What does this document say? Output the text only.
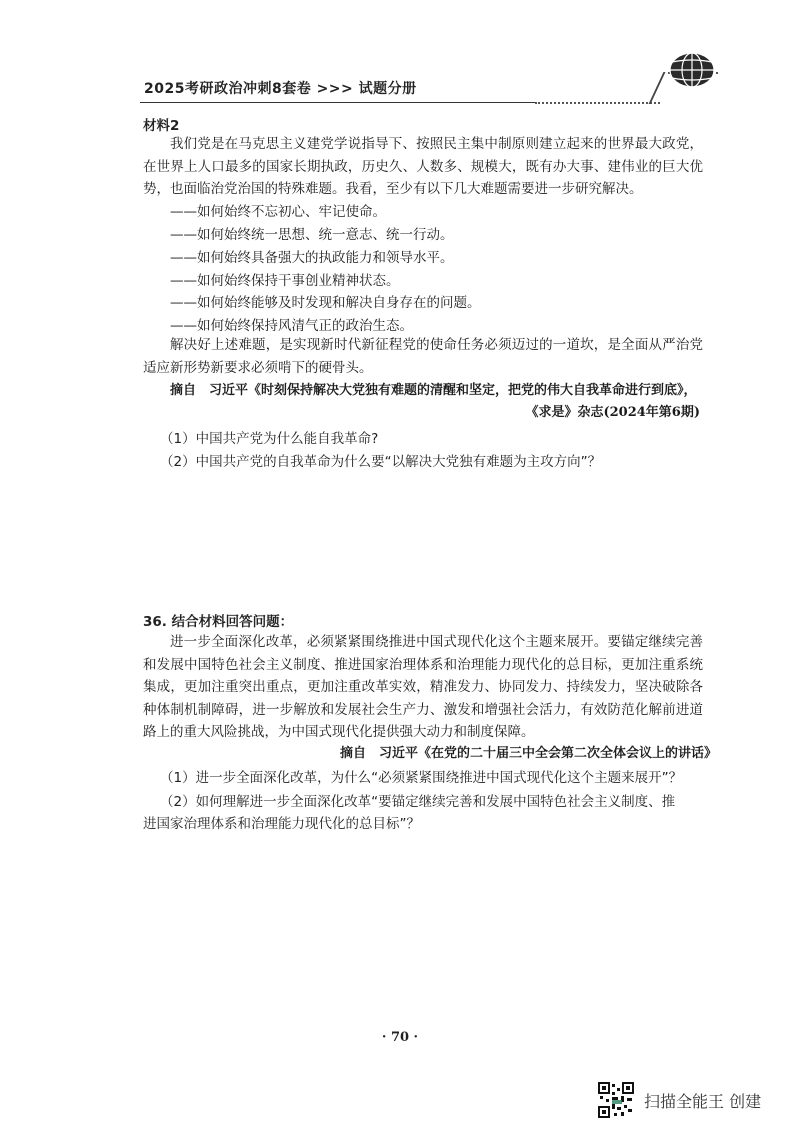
2025考研政治冲刺8套卷 >>> 试题分册
材料2
我们党是在马克思主义建党学说指导下、按照民主集中制原则建立起来的世界最大政党，在世界上人口最多的国家长期执政，历史久、人数多、规模大，既有办大事、建伟业的巨大优势，也面临治党治国的特殊难题。我看，至少有以下几大难题需要进一步研究解决。
——如何始终不忘初心、牢记使命。
——如何始终统一思想、统一意志、统一行动。
——如何始终具备强大的执政能力和领导水平。
——如何始终保持干事创业精神状态。
——如何始终能够及时发现和解决自身存在的问题。
——如何始终保持风清气正的政治生态。
解决好上述难题，是实现新时代新征程党的使命任务必须迈过的一道坎，是全面从严治党适应新形势新要求必须啃下的硬骨头。
摘自　习近平《时刻保持解决大党独有难题的清醒和坚定，把党的伟大自我革命进行到底》，
《求是》杂志(2024年第6期)
（1）中国共产党为什么能自我革命?
（2）中国共产党的自我革命为什么要“以解决大党独有难题为主攻方向”？
36. 结合材料回答问题：
进一步全面深化改革，必须紧紧围绕推进中国式现代化这个主题来展开。要锚定继续完善和发展中国特色社会主义制度、推进国家治理体系和治理能力现代化的总目标，更加注重系统集成，更加注重突出重点，更加注重改革实效，精准发力、协同发力、持续发力，坚决破除各种体制机制障碍，进一步解放和发展社会生产力、激发和增强社会活力，有效防范化解前进道路上的重大风险挑战，为中国式现代化提供强大动力和制度保障。
摘自　习近平《在党的二十届三中全会第二次全体会议上的讲话》
（1）进一步全面深化改革，为什么“必须紧紧围绕推进中国式现代化这个主题来展开”？
（2）如何理解进一步全面深化改革“要锚定继续完善和发展中国特色社会主义制度、推
进国家治理体系和治理能力现代化的总目标”？
· 70 ·
扫描全能王 创建
